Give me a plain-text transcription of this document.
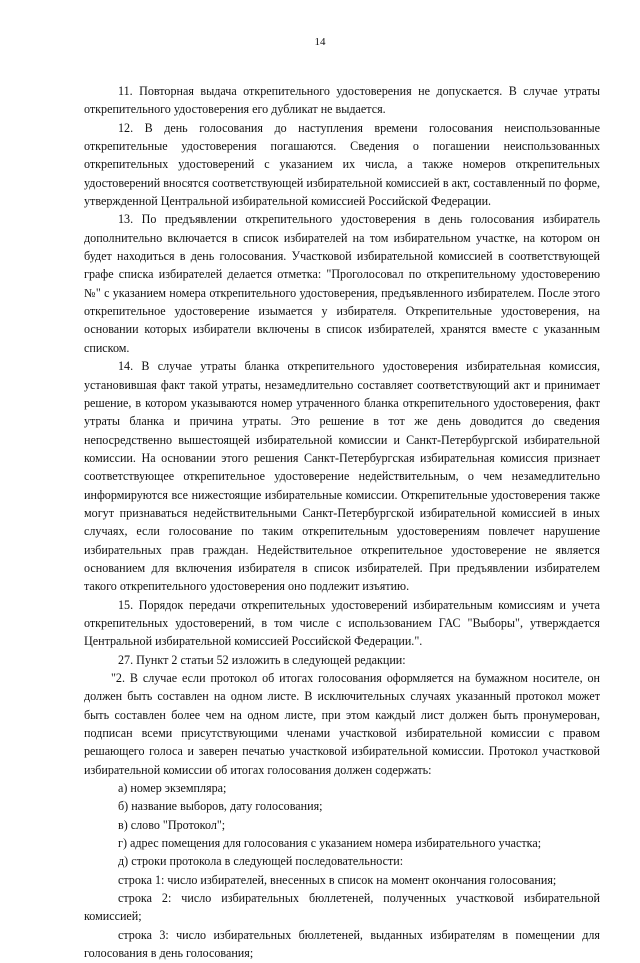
14

11. Повторная выдача открепительного удостоверения не допускается. В случае утраты открепительного удостоверения его дубликат не выдается.

12. В день голосования до наступления времени голосования неиспользованные открепительные удостоверения погашаются. Сведения о погашении неиспользованных открепительных удостоверений с указанием их числа, а также номеров открепительных удостоверений вносятся соответствующей избирательной комиссией в акт, составленный по форме, утвержденной Центральной избирательной комиссией Российской Федерации.

13. По предъявлении открепительного удостоверения в день голосования избиратель дополнительно включается в список избирателей на том избирательном участке, на котором он будет находиться в день голосования. Участковой избирательной комиссией в соответствующей графе списка избирателей делается отметка: "Проголосовал по открепительному удостоверению №" с указанием номера открепительного удостоверения, предъявленного избирателем. После этого открепительное удостоверение изымается у избирателя. Открепительные удостоверения, на основании которых избиратели включены в список избирателей, хранятся вместе с указанным списком.

14. В случае утраты бланка открепительного удостоверения избирательная комиссия, установившая факт такой утраты, незамедлительно составляет соответствующий акт и принимает решение, в котором указываются номер утраченного бланка открепительного удостоверения, факт утраты бланка и причина утраты. Это решение в тот же день доводится до сведения непосредственно вышестоящей избирательной комиссии и Санкт-Петербургской избирательной комиссии. На основании этого решения Санкт-Петербургская избирательная комиссия признает соответствующее открепительное удостоверение недействительным, о чем незамедлительно информируются все нижестоящие избирательные комиссии. Открепительные удостоверения также могут признаваться недействительными Санкт-Петербургской избирательной комиссией в иных случаях, если голосование по таким открепительным удостоверениям повлечет нарушение избирательных прав граждан. Недействительное открепительное удостоверение не является основанием для включения избирателя в список избирателей. При предъявлении избирателем такого открепительного удостоверения оно подлежит изъятию.

15. Порядок передачи открепительных удостоверений избирательным комиссиям и учета открепительных удостоверений, в том числе с использованием ГАС "Выборы", утверждается Центральной избирательной комиссией Российской Федерации.".

27. Пункт 2 статьи 52 изложить в следующей редакции:

"2. В случае если протокол об итогах голосования оформляется на бумажном носителе, он должен быть составлен на одном листе. В исключительных случаях указанный протокол может быть составлен более чем на одном листе, при этом каждый лист должен быть пронумерован, подписан всеми присутствующими членами участковой избирательной комиссии с правом решающего голоса и заверен печатью участковой избирательной комиссии. Протокол участковой избирательной комиссии об итогах голосования должен содержать:

а) номер экземпляра;

б) название выборов, дату голосования;

в) слово "Протокол";

г) адрес помещения для голосования с указанием номера избирательного участка;

д) строки протокола в следующей последовательности:

строка 1: число избирателей, внесенных в список на момент окончания голосования;

строка 2: число избирательных бюллетеней, полученных участковой избирательной комиссией;

строка 3: число избирательных бюллетеней, выданных избирателям в помещении для голосования в день голосования;
